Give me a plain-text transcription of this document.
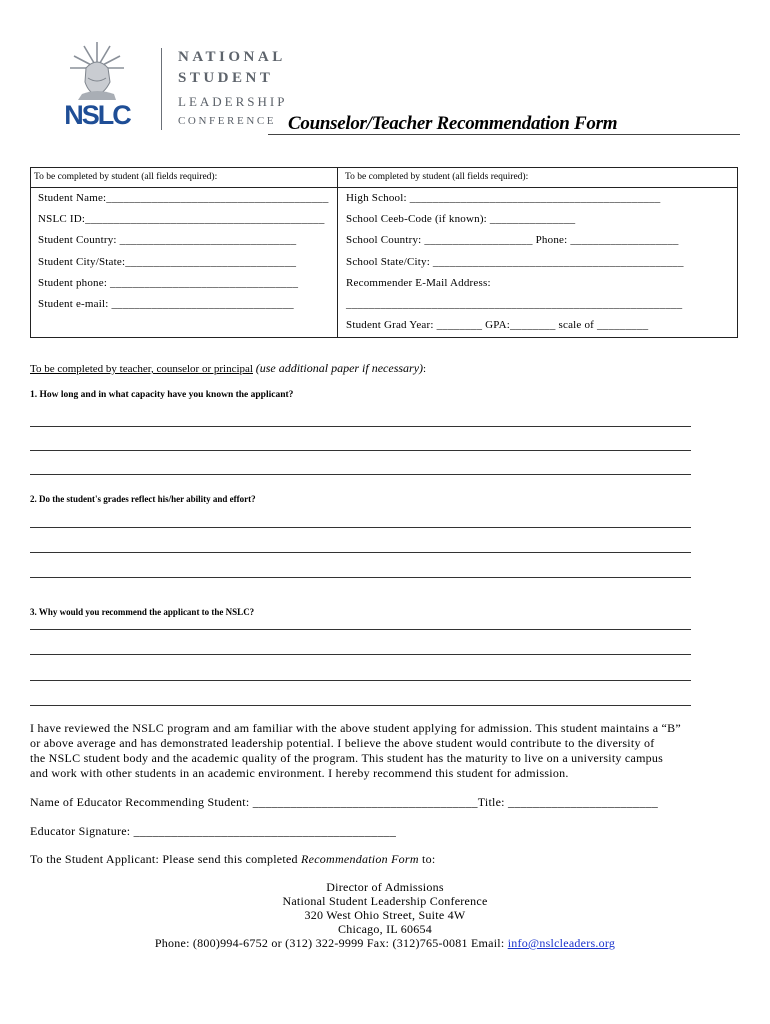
NSLC
NATIONAL
STUDENT
LEADERSHIP
CONFERENCE Counselor/Teacher Recommendation Form
To be completed by student (all fields required):	To be completed by student (all fields required):
Student Name:_______________________________________
NSLC ID:__________________________________________
Student Country: _______________________________
Student City/State:______________________________
Student phone: _________________________________
Student e-mail: ________________________________
High School: ____________________________________________
School Ceeb-Code (if known): _______________
School Country: ___________________ Phone: ___________________
School State/City: ____________________________________________
Recommender E-Mail Address:
___________________________________________________________
Student Grad Year: ________ GPA:________ scale of _________
To be completed by teacher, counselor or principal (use additional paper if necessary):
1. How long and in what capacity have you known the applicant?
2. Do the student's grades reflect his/her ability and effort?
3. Why would you recommend the applicant to the NSLC?
I have reviewed the NSLC program and am familiar with the above student applying for admission. This student maintains a “B”
or above average and has demonstrated leadership potential. I believe the above student would contribute to the diversity of
the NSLC student body and the academic quality of the program. This student has the maturity to live on a university campus
and work with other students in an academic environment. I hereby recommend this student for admission.
Name of Educator Recommending Student: ____________________________________Title: ________________________
Educator Signature: __________________________________________
To the Student Applicant: Please send this completed Recommendation Form to:
Director of Admissions
National Student Leadership Conference
320 West Ohio Street, Suite 4W
Chicago, IL 60654
Phone: (800)994-6752 or (312) 322-9999 Fax: (312)765-0081 Email: info@nslcleaders.org
